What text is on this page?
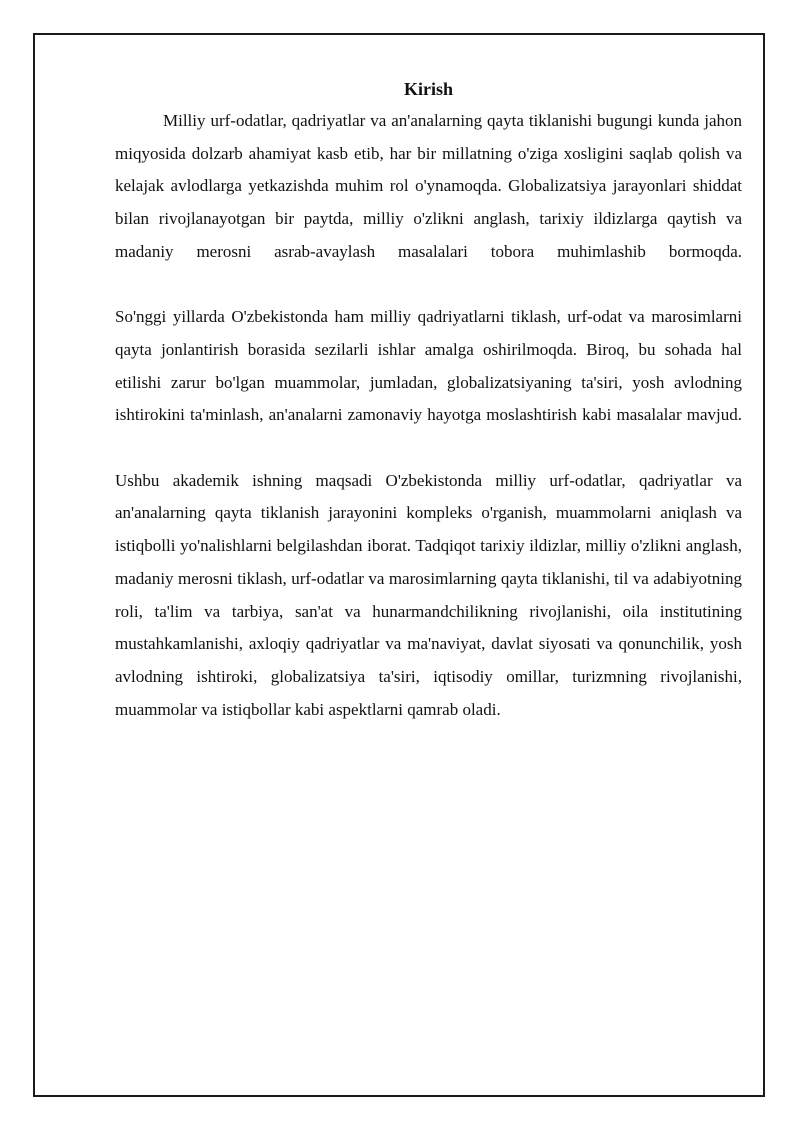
Kirish

Milliy urf-odatlar, qadriyatlar va an'analarning qayta tiklanishi bugungi kunda jahon miqyosida dolzarb ahamiyat kasb etib, har bir millatning o'ziga xosligini saqlab qolish va kelajak avlodlarga yetkazishda muhim rol o'ynamoqda. Globalizatsiya jarayonlari shiddat bilan rivojlanayotgan bir paytda, milliy o'zlikni anglash, tarixiy ildizlarga qaytish va madaniy merosni asrab-avaylash masalalari tobora muhimlashib bormoqda.

So'nggi yillarda O'zbekistonda ham milliy qadriyatlarni tiklash, urf-odat va marosimlarni qayta jonlantirish borasida sezilarli ishlar amalga oshirilmoqda. Biroq, bu sohada hal etilishi zarur bo'lgan muammolar, jumladan, globalizatsiyaning ta'siri, yosh avlodning ishtirokini ta'minlash, an'analarni zamonaviy hayotga moslashtirish kabi masalalar mavjud.

Ushbu akademik ishning maqsadi O'zbekistonda milliy urf-odatlar, qadriyatlar va an'analarning qayta tiklanish jarayonini kompleks o'rganish, muammolarni aniqlash va istiqbolli yo'nalishlarni belgilashdan iborat. Tadqiqot tarixiy ildizlar, milliy o'zlikni anglash, madaniy merosni tiklash, urf-odatlar va marosimlarning qayta tiklanishi, til va adabiyotning roli, ta'lim va tarbiya, san'at va hunarmandchilikning rivojlanishi, oila institutining mustahkamlanishi, axloqiy qadriyatlar va ma'naviyat, davlat siyosati va qonunchilik, yosh avlodning ishtiroki, globalizatsiya ta'siri, iqtisodiy omillar, turizmning rivojlanishi, muammolar va istiqbollar kabi aspektlarni qamrab oladi.
